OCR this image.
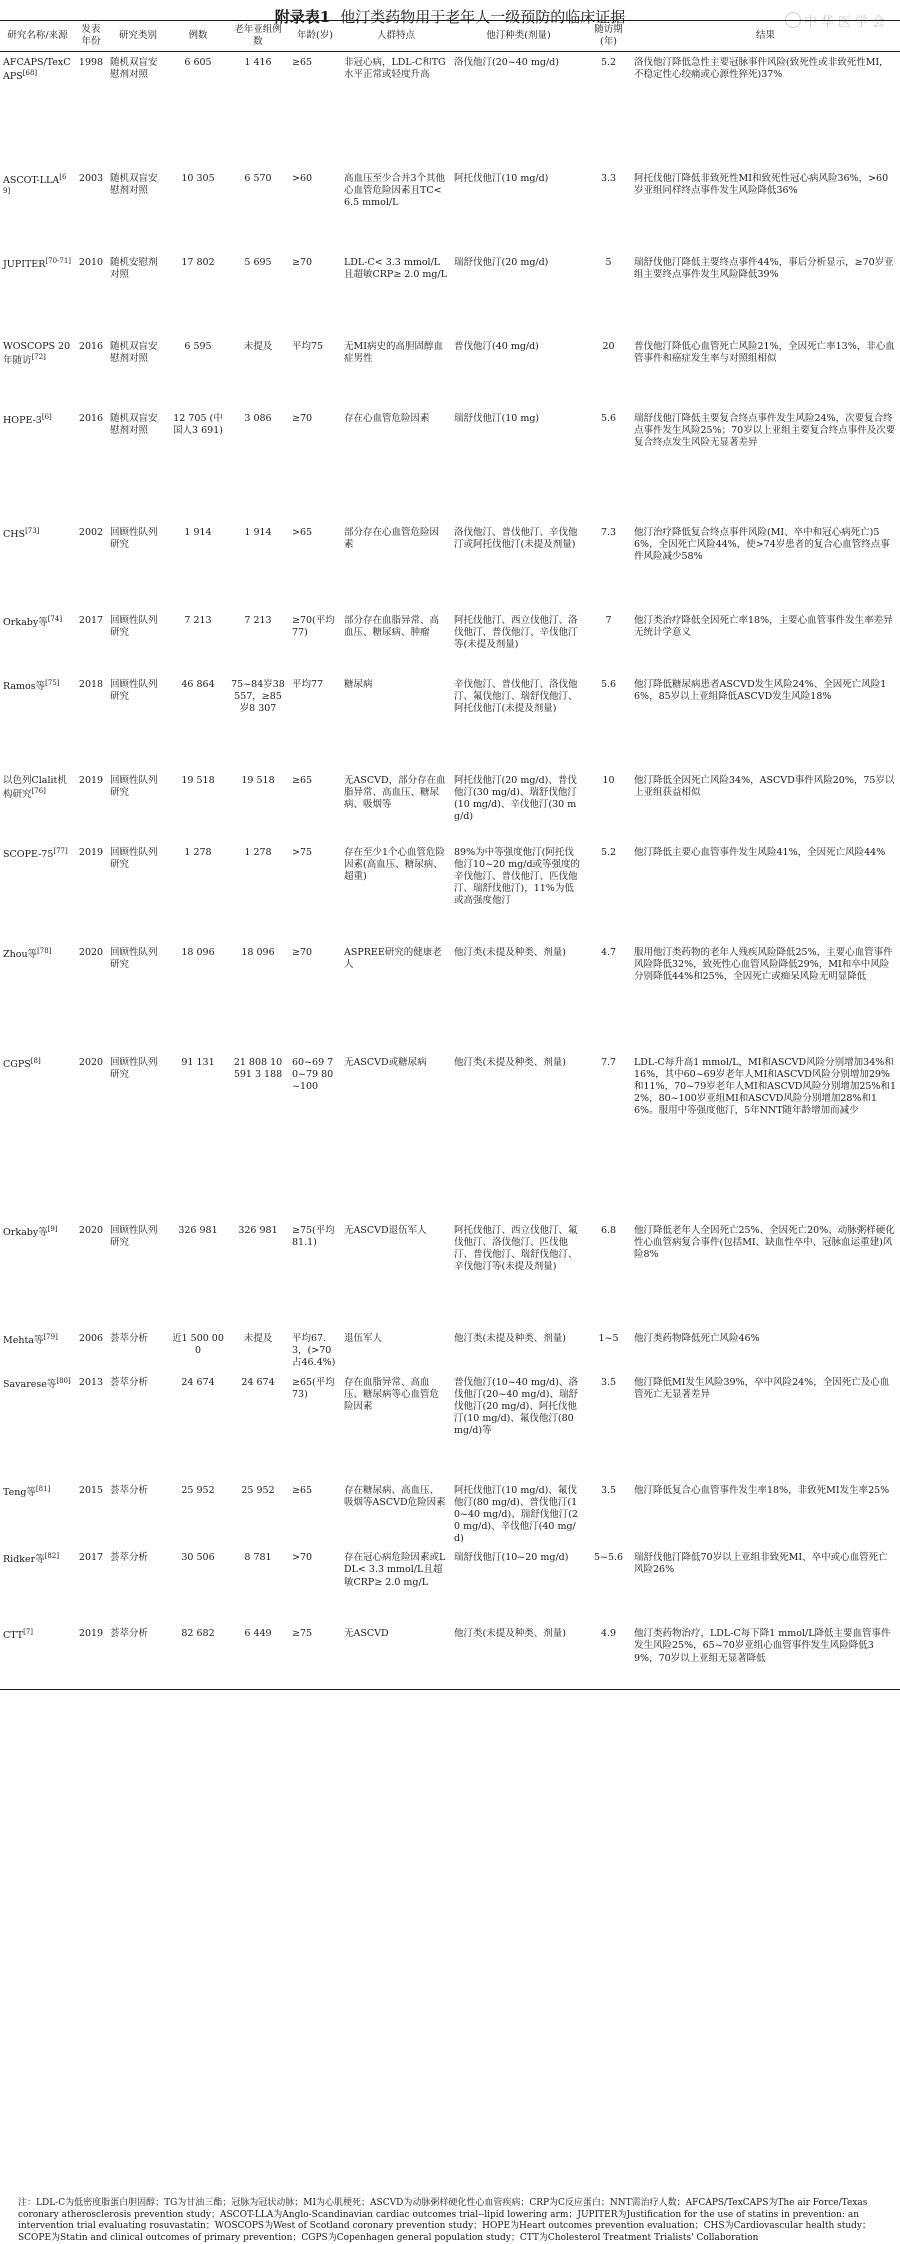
附录表1 他汀类药物用于老年人一级预防的临床证据	中华医学会
研究名称/来源	发表年份	研究类别	例数	老年亚组例数	年龄(岁)	人群特点	他汀种类(剂量)	随访期(年)	结果
AFCAPS/TexCAPS[68]	1998	随机双盲安慰剂对照	6 605	1 416	≥65	非冠心病，LDL-C和TG水平正常或轻度升高	洛伐他汀(20~40 mg/d)	5.2	洛伐他汀降低急性主要冠脉事件风险(致死性或非致死性MI，不稳定性心绞痛或心源性猝死)37%
ASCOT-LLA[69]	2003	随机双盲安慰剂对照	10 305	6 570	>60	高血压至少合并3个其他心血管危险因素且TC< 6.5 mmol/L	阿托伐他汀(10 mg/d)	3.3	阿托伐他汀降低非致死性MI和致死性冠心病风险36%，>60岁亚组同样终点事件发生风险降低36%
JUPITER[70-71]	2010	随机安慰剂对照	17 802	5 695	≥70	LDL-C< 3.3 mmol/L且超敏CRP≥ 2.0 mg/L	瑞舒伐他汀(20 mg/d)	5	瑞舒伐他汀降低主要终点事件44%，事后分析显示，≥70岁亚组主要终点事件发生风险降低39%
WOSCOPS 20年随访[72]	2016	随机双盲安慰剂对照	6 595	未提及	平均75	无MI病史的高胆固醇血症男性	普伐他汀(40 mg/d)	20	普伐他汀降低心血管死亡风险21%，全因死亡率13%，非心血管事件和癌症发生率与对照组相似
HOPE-3[6]	2016	随机双盲安慰剂对照	12 705 (中国人3 691)	3 086	≥70	存在心血管危险因素	瑞舒伐他汀(10 mg)	5.6	瑞舒伐他汀降低主要复合终点事件发生风险24%，次要复合终点事件发生风险25%；70岁以上亚组主要复合终点事件及次要复合终点发生风险无显著差异
CHS[73]	2002	回顾性队列研究	1 914	1 914	>65	部分存在心血管危险因素	洛伐他汀、普伐他汀、辛伐他汀或阿托伐他汀(未提及剂量)	7.3	他汀治疗降低复合终点事件风险(MI、卒中和冠心病死亡)56%，全因死亡风险44%，使>74岁患者的复合心血管终点事件风险减少58%
Orkaby等[74]	2017	回顾性队列研究	7 213	7 213	≥70(平均77)	部分存在血脂异常、高血压、糖尿病、肿瘤	阿托伐他汀、西立伐他汀、洛伐他汀、普伐他汀、辛伐他汀等(未提及剂量)	7	他汀类治疗降低全因死亡率18%，主要心血管事件发生率差异无统计学意义
Ramos等[75]	2018	回顾性队列研究	46 864	75~84岁38 557，≥85岁8 307	平均77	糖尿病	辛伐他汀、普伐他汀、洛伐他汀、氟伐他汀、瑞舒伐他汀、阿托伐他汀(未提及剂量)	5.6	他汀降低糖尿病患者ASCVD发生风险24%、全因死亡风险16%，85岁以上亚组降低ASCVD发生风险18%
以色列Clalit机构研究[76]	2019	回顾性队列研究	19 518	19 518	≥65	无ASCVD，部分存在血脂异常、高血压、糖尿病、吸烟等	阿托伐他汀(20 mg/d)、普伐他汀(30 mg/d)、瑞舒伐他汀(10 mg/d)、辛伐他汀(30 mg/d)	10	他汀降低全因死亡风险34%，ASCVD事件风险20%，75岁以上亚组获益相似
SCOPE-75[77]	2019	回顾性队列研究	1 278	1 278	>75	存在至少1个心血管危险因素(高血压、糖尿病、超重)	89%为中等强度他汀(阿托伐他汀10~20 mg/d或等强度的辛伐他汀、普伐他汀、匹伐他汀、瑞舒伐他汀)，11%为低或高强度他汀	5.2	他汀降低主要心血管事件发生风险41%，全因死亡风险44%
Zhou等[78]	2020	回顾性队列研究	18 096	18 096	≥70	ASPREE研究的健康老人	他汀类(未提及种类、剂量)	4.7	服用他汀类药物的老年人残疾风险降低25%，主要心血管事件风险降低32%，致死性心血管风险降低29%，MI和卒中风险分别降低44%和25%，全因死亡或痴呆风险无明显降低
CGPS[8]	2020	回顾性队列研究	91 131	21 808 10 591 3 188	60~69 70~79 80~100	无ASCVD或糖尿病	他汀类(未提及种类、剂量)	7.7	LDL-C每升高1 mmol/L，MI和ASCVD风险分别增加34%和16%，其中60~69岁老年人MI和ASCVD风险分别增加29%和11%，70~79岁老年人MI和ASCVD风险分别增加25%和12%，80~100岁亚组MI和ASCVD风险分别增加28%和16%。服用中等强度他汀，5年NNT随年龄增加而减少
Orkaby等[9]	2020	回顾性队列研究	326 981	326 981	≥75(平均81.1)	无ASCVD退伍军人	阿托伐他汀、西立伐他汀、氟伐他汀、洛伐他汀、匹伐他汀、普伐他汀、瑞舒伐他汀、辛伐他汀等(未提及剂量)	6.8	他汀降低老年人全因死亡25%、全因死亡20%、动脉粥样硬化性心血管病复合事件(包括MI、缺血性卒中、冠脉血运重建)风险8%
Mehta等[79]	2006	荟萃分析	近1 500 000	未提及	平均67.3，(>70占46.4%)	退伍军人	他汀类(未提及种类、剂量)	1~5	他汀类药物降低死亡风险46%
Savarese等[80]	2013	荟萃分析	24 674	24 674	≥65(平均73)	存在血脂异常、高血压、糖尿病等心血管危险因素	普伐他汀(10~40 mg/d)、洛伐他汀(20~40 mg/d)、瑞舒伐他汀(20 mg/d)、阿托伐他汀(10 mg/d)、氟伐他汀(80 mg/d)等	3.5	他汀降低MI发生风险39%，卒中风险24%，全因死亡及心血管死亡无显著差异
Teng等[81]	2015	荟萃分析	25 952	25 952	≥65	存在糖尿病、高血压、吸烟等ASCVD危险因素	阿托伐他汀(10 mg/d)、氟伐他汀(80 mg/d)、普伐他汀(10~40 mg/d)、瑞舒伐他汀(20 mg/d)、辛伐他汀(40 mg/d)	3.5	他汀降低复合心血管事件发生率18%，非致死MI发生率25%
Ridker等[82]	2017	荟萃分析	30 506	8 781	>70	存在冠心病危险因素或LDL< 3.3 mmol/L且超敏CRP≥ 2.0 mg/L	瑞舒伐他汀(10~20 mg/d)	5~5.6	瑞舒伐他汀降低70岁以上亚组非致死MI、卒中或心血管死亡风险26%
CTT[7]	2019	荟萃分析	82 682	6 449	≥75	无ASCVD	他汀类(未提及种类、剂量)	4.9	他汀类药物治疗，LDL-C每下降1 mmol/L降低主要血管事件发生风险25%，65~70岁亚组心血管事件发生风险降低39%，70岁以上亚组无显著降低
注：LDL-C为低密度脂蛋白胆固醇；TG为甘油三酯；冠脉为冠状动脉；MI为心肌梗死；ASCVD为动脉粥样硬化性心血管疾病；CRP为C反应蛋白；NNT需治疗人数；AFCAPS/TexCAPS为The air Force/Texas coronary atherosclerosis prevention study；ASCOT-LLA为Anglo-Scandinavian cardiac outcomes trial--lipid lowering arm；JUPITER为Justification for the use of statins in prevention: an intervention trial evaluating rosuvastatin；WOSCOPS为West of Scotland coronary prevention study；HOPE为Heart outcomes prevention evaluation；CHS为Cardiovascular health study；SCOPE为Statin and clinical outcomes of primary prevention；CGPS为Copenhagen general population study；CTT为Cholesterol Treatment Trialists' Collaboration
